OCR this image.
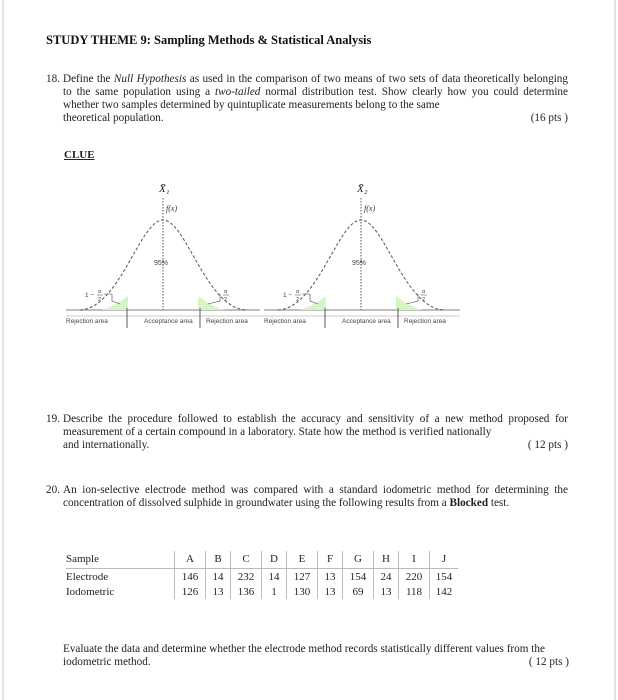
STUDY THEME 9: Sampling Methods & Statistical Analysis
18. Define the Null Hypothesis as used in the comparison of two means of two sets of data theoretically belonging to the same population using a two-tailed normal distribution test. Show clearly how you could determine whether two samples determined by quintuplicate measurements belong to the same
theoretical population.	(16 pts )
CLUE
X̄₁	X̄₂
f(x)	f(x)
95%	95%
1 − α
2
α
2
1 − α
2
α
2
Rejection area	Acceptance area Rejection area Rejection area	Acceptance area Rejection area
19. Describe the procedure followed to establish the accuracy and sensitivity of a new method proposed for measurement of a certain compound in a laboratory. State how the method is verified nationally
and internationally.	( 12 pts )
20. An ion-selective electrode method was compared with a standard iodometric method for determining the concentration of dissolved sulphide in groundwater using the following results from a Blocked test.
Sample	A	B	C	D	E	F	G	H	I	J
Electrode	146	14	232	14	127	13	154	24	220	154
Iodometric	126	13	136	1	130	13	69	13	118	142
Evaluate the data and determine whether the electrode method records statistically different values from the iodometric method.	( 12 pts )
